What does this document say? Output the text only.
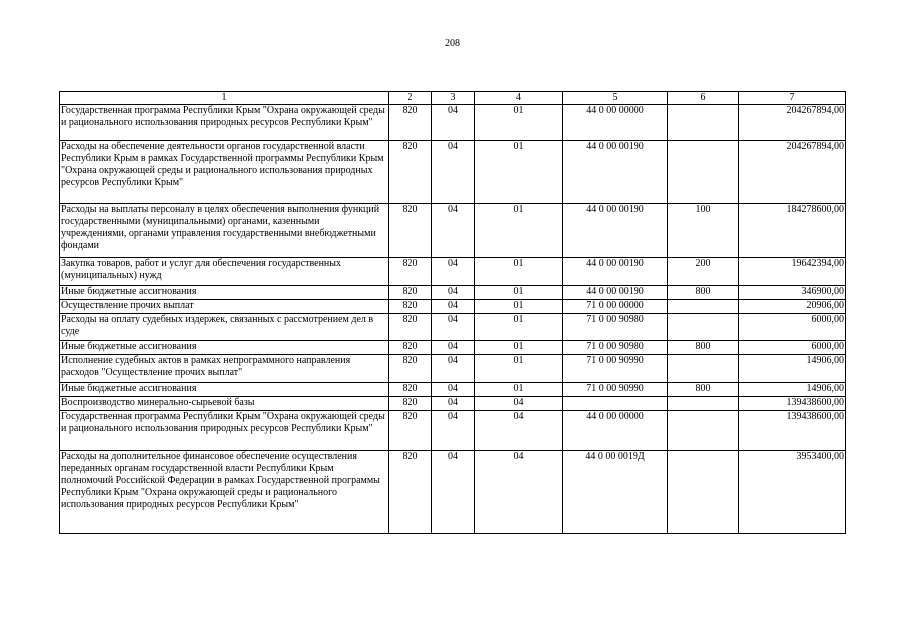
208
1	2	3	4	5	6	7
Государственная программа Республики Крым "Охрана окружающей среды и рационального использования природных ресурсов Республики Крым"	820	04	01	44 0 00 00000		204267894,00
Расходы на обеспечение деятельности органов государственной власти Республики Крым в рамках Государственной программы Республики Крым "Охрана окружающей среды и рационального использования природных ресурсов Республики Крым"	820	04	01	44 0 00 00190		204267894,00
Расходы на выплаты персоналу в целях обеспечения выполнения функций государственными (муниципальными) органами, казенными учреждениями, органами управления государственными внебюджетными фондами	820	04	01	44 0 00 00190	100	184278600,00
Закупка товаров, работ и услуг для обеспечения государственных (муниципальных) нужд	820	04	01	44 0 00 00190	200	19642394,00
Иные бюджетные ассигнования	820	04	01	44 0 00 00190	800	346900,00
Осуществление прочих выплат	820	04	01	71 0 00 00000		20906,00
Расходы на оплату судебных издержек, связанных с рассмотрением дел в суде	820	04	01	71 0 00 90980		6000,00
Иные бюджетные ассигнования	820	04	01	71 0 00 90980	800	6000,00
Исполнение судебных актов в рамках непрограммного направления расходов "Осуществление прочих выплат"	820	04	01	71 0 00 90990		14906,00
Иные бюджетные ассигнования	820	04	01	71 0 00 90990	800	14906,00
Воспроизводство минерально-сырьевой базы	820	04	04			139438600,00
Государственная программа Республики Крым "Охрана окружающей среды и рационального использования природных ресурсов Республики Крым"	820	04	04	44 0 00 00000		139438600,00
Расходы на дополнительное финансовое обеспечение осуществления переданных органам государственной власти Республики Крым полномочий Российской Федерации в рамках Государственной программы Республики Крым "Охрана окружающей среды и рационального использования природных ресурсов Республики Крым"	820	04	04	44 0 00 0019Д		3953400,00
